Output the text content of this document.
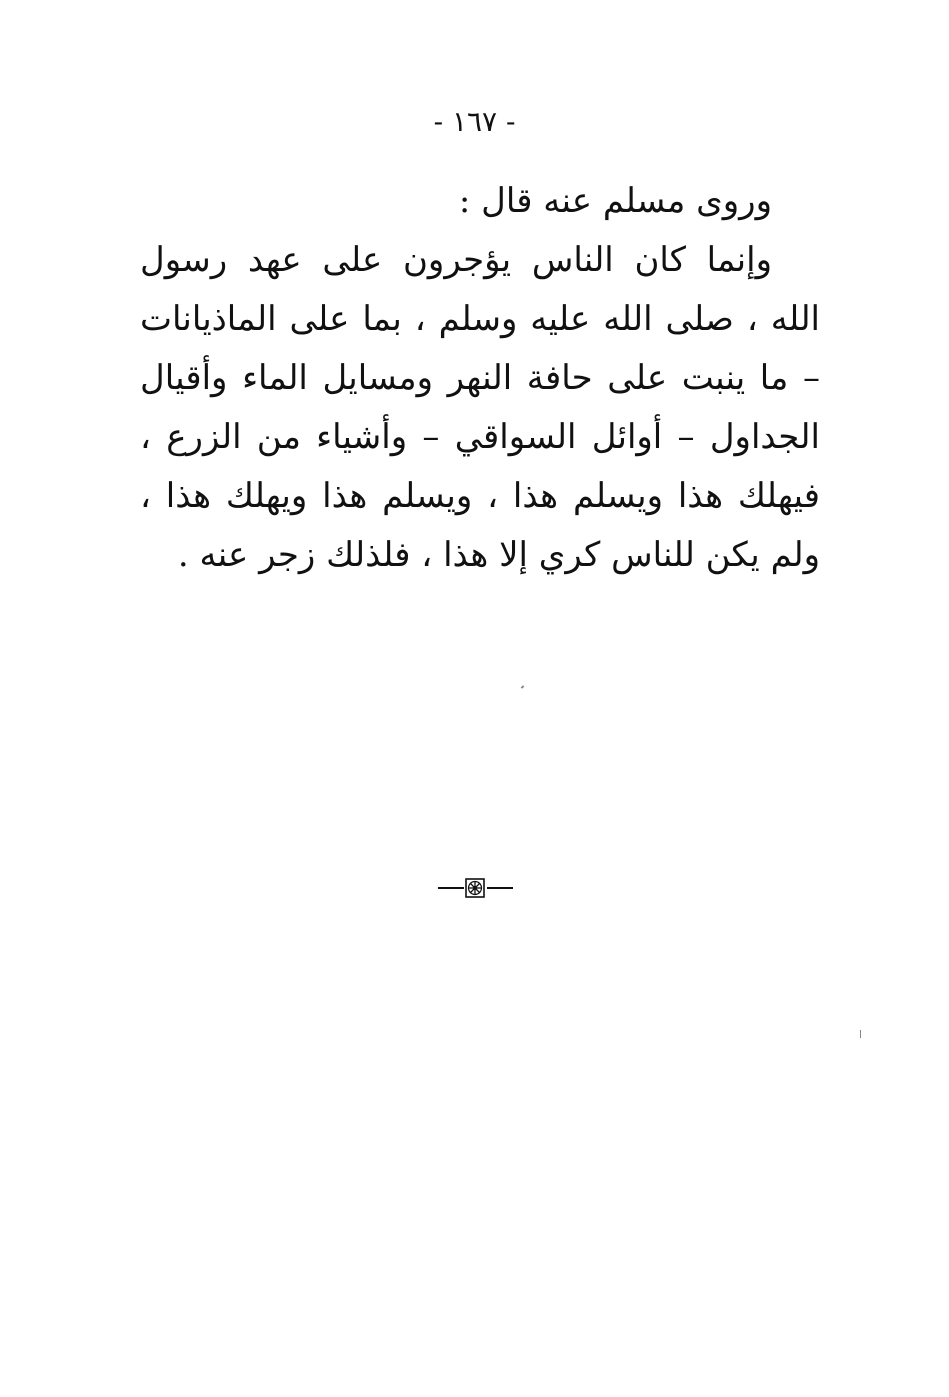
- ١٦٧ -

وروى مسلم عنه قال :

وإنما كان الناس يؤجرون على عهد رسول الله ، صلى الله عليه وسلم ، بما على الماذيانات – ما ينبت على حافة النهر ومسايل الماء وأقيال الجداول – أوائل السواقي – وأشياء من الزرع ، فيهلك هذا ويسلم هذا ، ويسلم هذا ويهلك هذا ، ولم يكن للناس كري إلا هذا ، فلذلك زجر عنه .
